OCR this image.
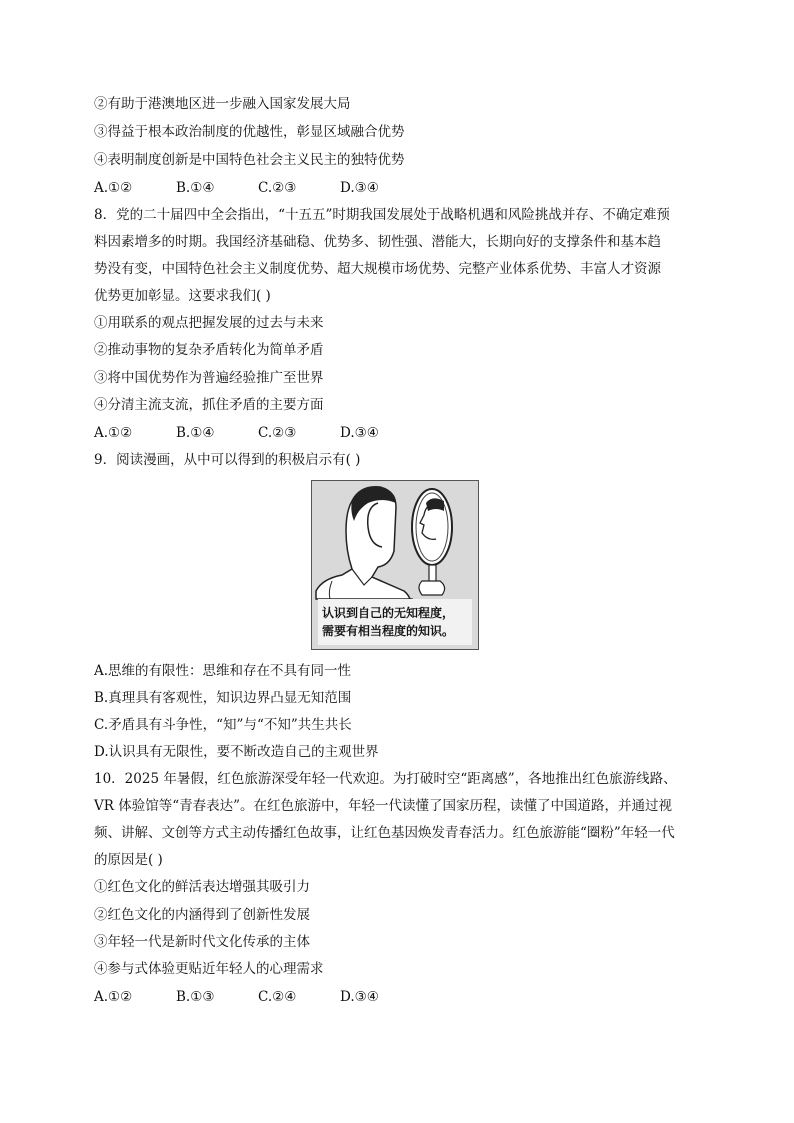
②有助于港澳地区进一步融入国家发展大局
③得益于根本政治制度的优越性，彰显区域融合优势
④表明制度创新是中国特色社会主义民主的独特优势
A.①②	B.①④	C.②③	D.③④
8．党的二十届四中全会指出，“十五五”时期我国发展处于战略机遇和风险挑战并存、不确定难预
料因素增多的时期。我国经济基础稳、优势多、韧性强、潜能大，长期向好的支撑条件和基本趋
势没有变，中国特色社会主义制度优势、超大规模市场优势、完整产业体系优势、丰富人才资源
优势更加彰显。这要求我们( )
①用联系的观点把握发展的过去与未来
②推动事物的复杂矛盾转化为简单矛盾
③将中国优势作为普遍经验推广至世界
④分清主流支流，抓住矛盾的主要方面
A.①②	B.①④	C.②③	D.③④
9．阅读漫画，从中可以得到的积极启示有( )
认识到自己的无知程度，
需要有相当程度的知识。
A.思维的有限性：思维和存在不具有同一性
B.真理具有客观性，知识边界凸显无知范围
C.矛盾具有斗争性，“知”与“不知”共生共长
D.认识具有无限性，要不断改造自己的主观世界
10．2025 年暑假，红色旅游深受年轻一代欢迎。为打破时空“距离感”，各地推出红色旅游线路、
VR 体验馆等“青春表达”。在红色旅游中，年轻一代读懂了国家历程，读懂了中国道路，并通过视
频、讲解、文创等方式主动传播红色故事，让红色基因焕发青春活力。红色旅游能“圈粉”年轻一代
的原因是( )
①红色文化的鲜活表达增强其吸引力
②红色文化的内涵得到了创新性发展
③年轻一代是新时代文化传承的主体
④参与式体验更贴近年轻人的心理需求
A.①②	B.①③	C.②④	D.③④
